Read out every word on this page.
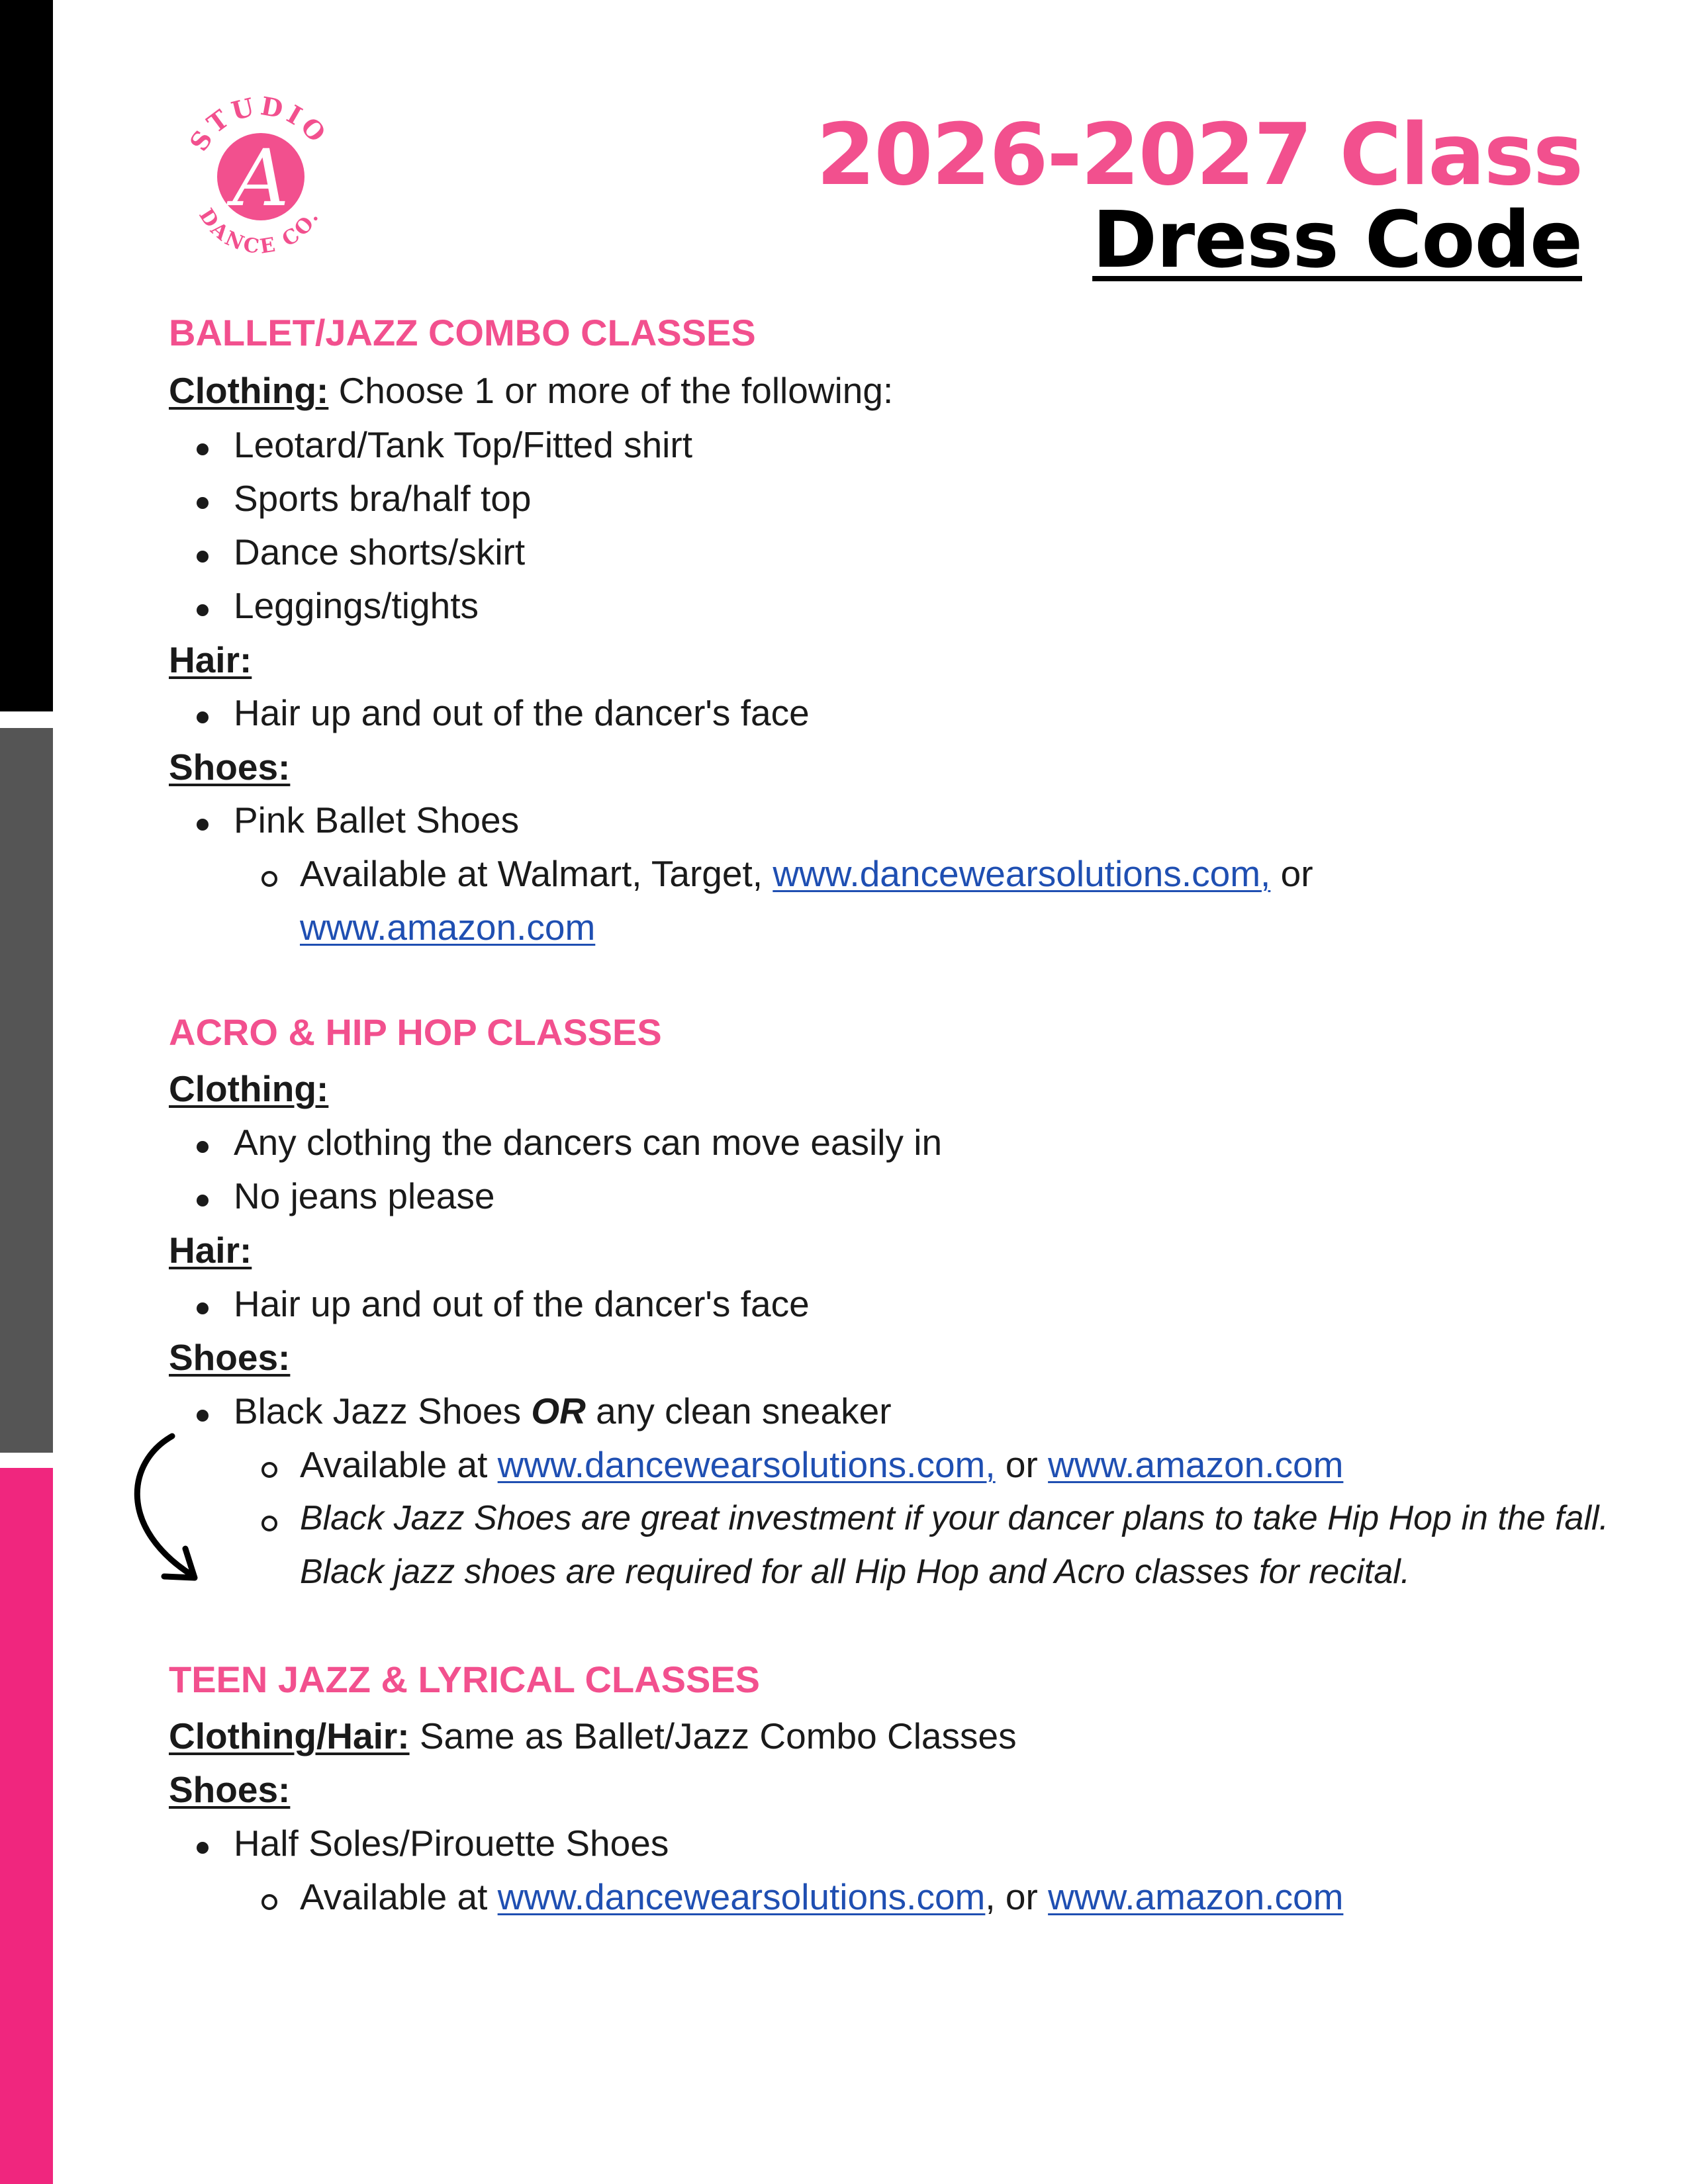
A
STUDIO
DANCE CO.
2026-2027 Class
Dress Code
BALLET/JAZZ COMBO CLASSES
Clothing: Choose 1 or more of the following:
Leotard/Tank Top/Fitted shirt
Sports bra/half top
Dance shorts/skirt
Leggings/tights
Hair:
Hair up and out of the dancer's face
Shoes:
Pink Ballet Shoes
Available at Walmart, Target, www.dancewearsolutions.com, or
www.amazon.com
ACRO & HIP HOP CLASSES
Clothing:
Any clothing the dancers can move easily in
No jeans please
Hair:
Hair up and out of the dancer's face
Shoes:
Black Jazz Shoes OR any clean sneaker
Available at www.dancewearsolutions.com, or www.amazon.com
Black Jazz Shoes are great investment if your dancer plans to take Hip Hop in the fall.
Black jazz shoes are required for all Hip Hop and Acro classes for recital.
TEEN JAZZ & LYRICAL CLASSES
Clothing/Hair: Same as Ballet/Jazz Combo Classes
Shoes:
Half Soles/Pirouette Shoes
Available at www.dancewearsolutions.com, or www.amazon.com
